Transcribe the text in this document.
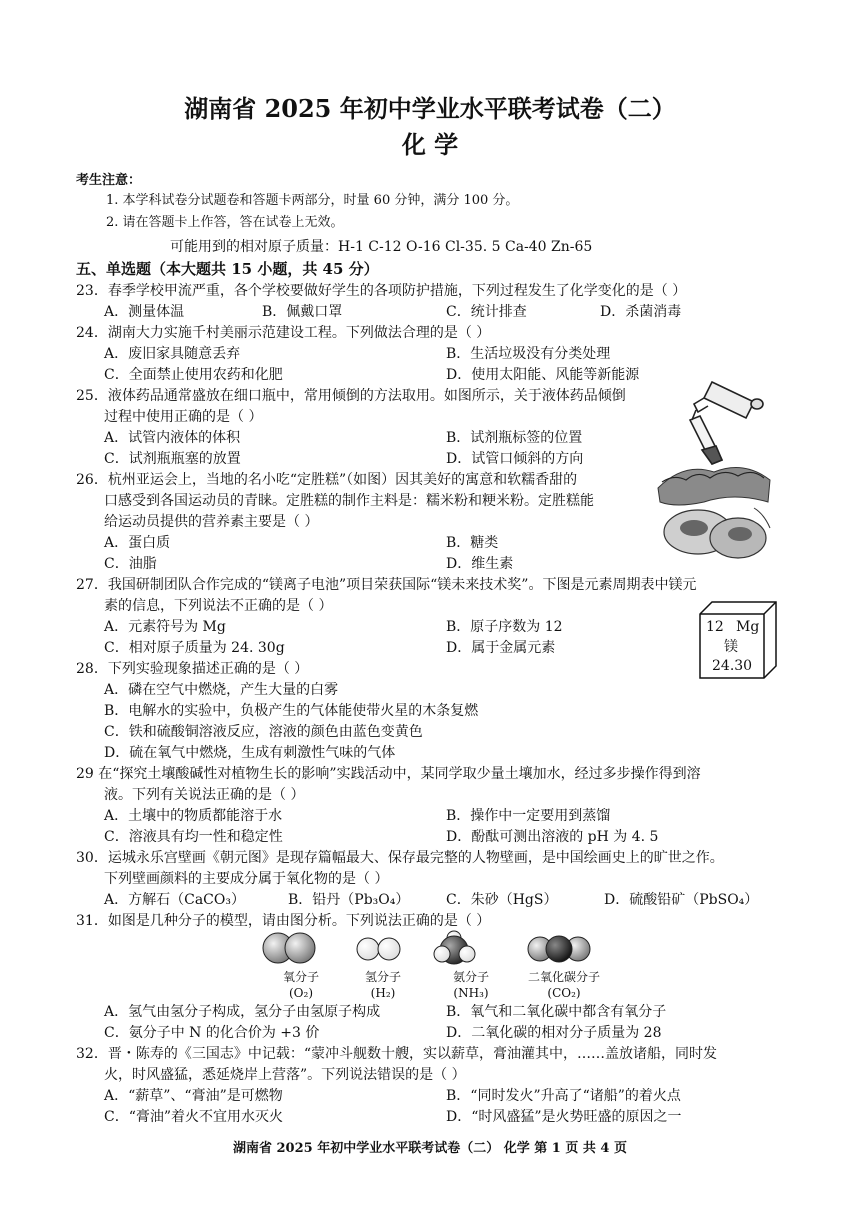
湖南省 2025 年初中学业水平联考试卷（二）
化 学
考生注意：
1. 本学科试卷分试题卷和答题卡两部分，时量 60 分钟，满分 100 分。
2. 请在答题卡上作答，答在试卷上无效。
可能用到的相对原子质量：H-1 C-12 O-16 Cl-35. 5 Ca-40 Zn-65
五、单选题（本大题共 15 小题，共 45 分）
23．春季学校甲流严重，各个学校要做好学生的各项防护措施，下列过程发生了化学变化的是（ ）
A．测量体温	B．佩戴口罩	C．统计排查	D．杀菌消毒
24．湖南大力实施千村美丽示范建设工程。下列做法合理的是（ ）
A．废旧家具随意丢弃	B．生活垃圾没有分类处理
C．全面禁止使用农药和化肥	D．使用太阳能、风能等新能源
25．液体药品通常盛放在细口瓶中，常用倾倒的方法取用。如图所示，关于液体药品倾倒
过程中使用正确的是（ ）
A．试管内液体的体积	B．试剂瓶标签的位置
C．试剂瓶瓶塞的放置	D．试管口倾斜的方向
26．杭州亚运会上，当地的名小吃“定胜糕”（如图）因其美好的寓意和软糯香甜的
口感受到各国运动员的青睐。定胜糕的制作主料是：糯米粉和粳米粉。定胜糕能
给运动员提供的营养素主要是（ ）
A．蛋白质	B．糖类
C．油脂	D．维生素
27．我国研制团队合作完成的“镁离子电池”项目荣获国际“镁未来技术奖”。下图是元素周期表中镁元
素的信息，下列说法不正确的是（ ）
A．元素符号为 Mg	B．原子序数为 12
C．相对原子质量为 24. 30g	D．属于金属元素
12 Mg
镁
24.30
28．下列实验现象描述正确的是（ ）
A．磷在空气中燃烧，产生大量的白雾
B．电解水的实验中，负极产生的气体能使带火星的木条复燃
C．铁和硫酸铜溶液反应，溶液的颜色由蓝色变黄色
D．硫在氧气中燃烧，生成有刺激性气味的气体
29 在“探究土壤酸碱性对植物生长的影响”实践活动中，某同学取少量土壤加水，经过多步操作得到溶
液。下列有关说法正确的是（ ）
A．土壤中的物质都能溶于水	B．操作中一定要用到蒸馏
C．溶液具有均一性和稳定性	D．酚酞可测出溶液的 pH 为 4. 5
30．运城永乐宫壁画《朝元图》是现存篇幅最大、保存最完整的人物壁画，是中国绘画史上的旷世之作。
下列壁画颜料的主要成分属于氧化物的是（ ）
A．方解石（CaCO₃）	B．铅丹（Pb₃O₄）	C．朱砂（HgS）	D．硫酸铅矿（PbSO₄）
31．如图是几种分子的模型，请由图分析。下列说法正确的是（ ）
氧分子
(O₂)
氢分子
(H₂)
氨分子
(NH₃)
二氧化碳分子
(CO₂)
A．氢气由氢分子构成，氢分子由氢原子构成	B．氧气和二氧化碳中都含有氧分子
C．氨分子中 N 的化合价为 +3 价	D．二氧化碳的相对分子质量为 28
32．晋・陈寿的《三国志》中记载：“蒙冲斗舰数十艘，实以薪草，膏油灌其中，……盖放诸船，同时发
火，时风盛猛，悉延烧岸上营落”。下列说法错误的是（ ）
A．“薪草”、“膏油”是可燃物	B．“同时发火”升高了“诸船”的着火点
C．“膏油”着火不宜用水灭火	D．“时风盛猛”是火势旺盛的原因之一
湖南省 2025 年初中学业水平联考试卷（二） 化学 第 1 页 共 4 页
